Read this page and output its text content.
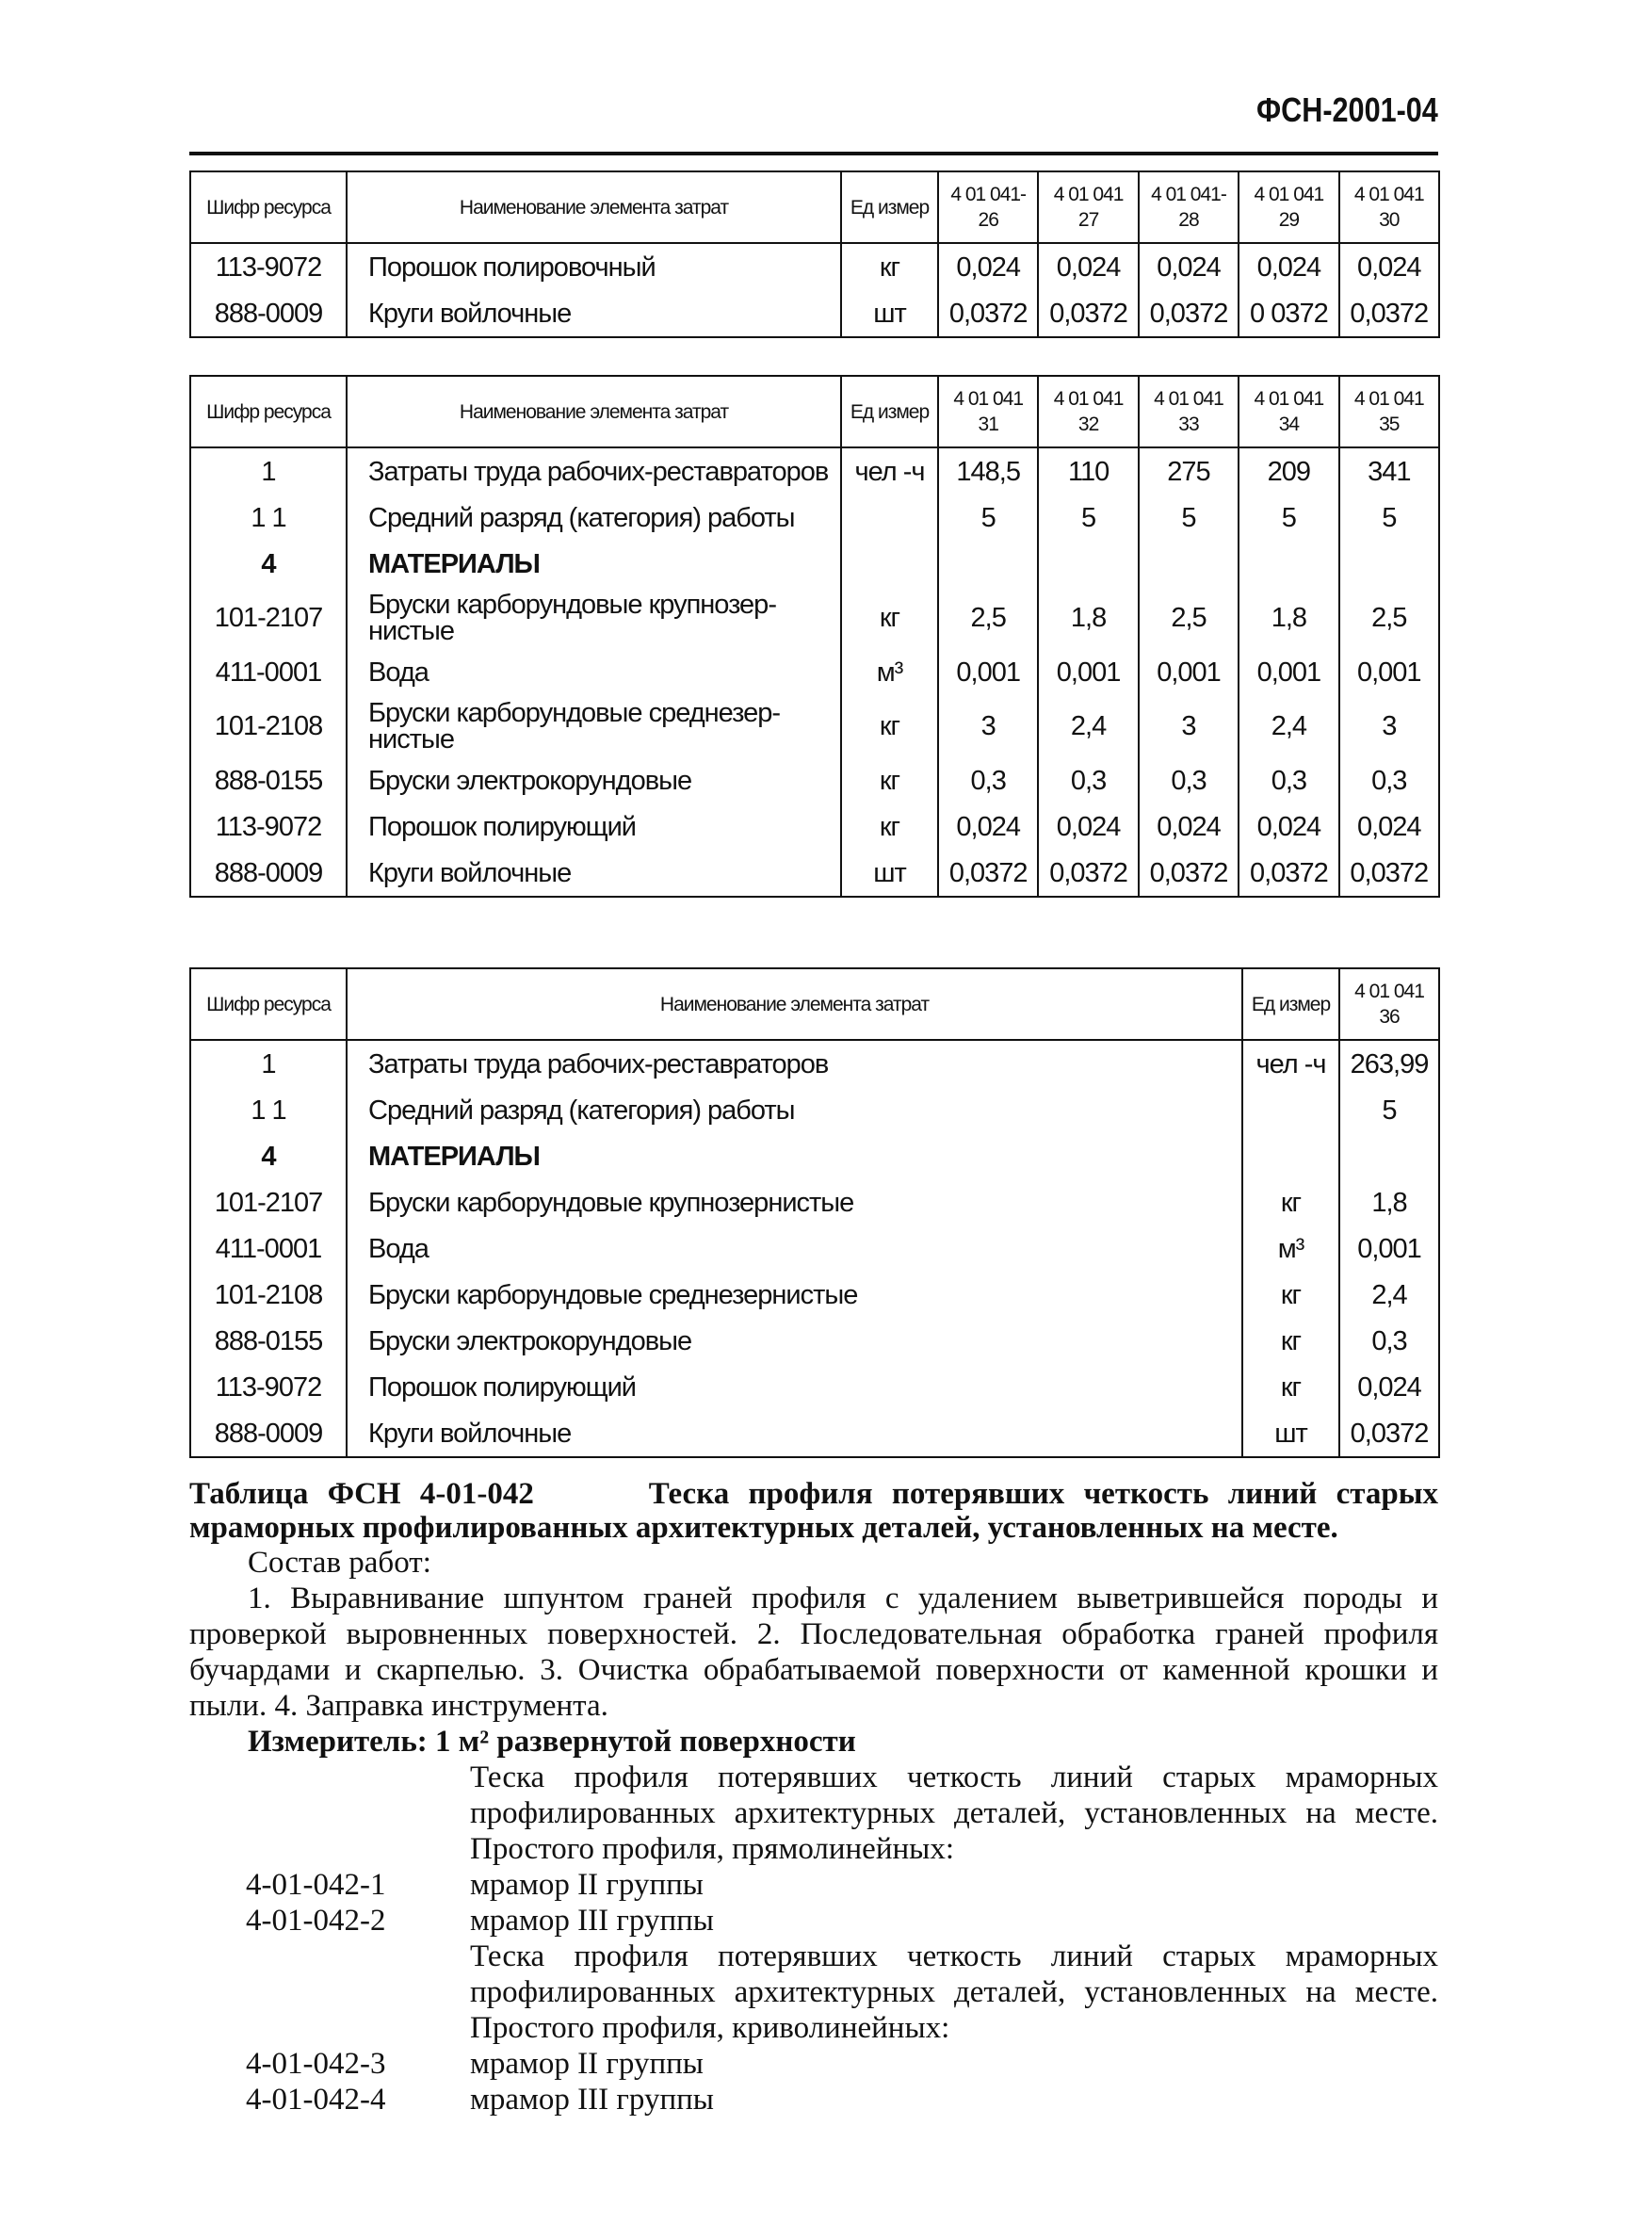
ФСН-2001-04
Шифр ресурса	Наименование элемента затрат	Ед измер	4 01 041-26	4 01 041 27	4 01 041-28	4 01 041 29	4 01 041 30
113-9072	Порошок полировочный	кг	0,024	0,024	0,024	0,024	0,024
888-0009	Круги войлочные	шт	0,0372	0,0372	0,0372	0 0372	0,0372
Шифр ресурса	Наименование элемента затрат	Ед измер	4 01 041 31	4 01 041 32	4 01 041 33	4 01 041 34	4 01 041 35
1	Затраты труда рабочих-реставраторов	чел -ч	148,5	110	275	209	341
1 1	Средний разряд (категория) работы		5	5	5	5	5
4	МАТЕРИАЛЫ						
101-2107	Бруски карборундовые крупнозер-нистые	кг	2,5	1,8	2,5	1,8	2,5
411-0001	Вода	м³	0,001	0,001	0,001	0,001	0,001
101-2108	Бруски карборундовые среднезер-нистые	кг	3	2,4	3	2,4	3
888-0155	Бруски электрокорундовые	кг	0,3	0,3	0,3	0,3	0,3
113-9072	Порошок полирующий	кг	0,024	0,024	0,024	0,024	0,024
888-0009	Круги войлочные	шт	0,0372	0,0372	0,0372	0,0372	0,0372
Шифр ресурса	Наименование элемента затрат	Ед измер	4 01 041 36
1	Затраты труда рабочих-реставраторов	чел -ч	263,99
1 1	Средний разряд (категория) работы		5
4	МАТЕРИАЛЫ		
101-2107	Бруски карборундовые крупнозернистые	кг	1,8
411-0001	Вода	м³	0,001
101-2108	Бруски карборундовые среднезернистые	кг	2,4
888-0155	Бруски электрокорундовые	кг	0,3
113-9072	Порошок полирующий	кг	0,024
888-0009	Круги войлочные	шт	0,0372
Таблица ФСН 4-01-042      Теска профиля потерявших четкость линий старых мраморных профилированных архитектурных деталей, установленных на месте.
Состав работ:
1. Выравнивание шпунтом граней профиля с удалением выветрившейся породы и проверкой выровненных поверхностей. 2. Последовательная обработка граней профиля бучардами и скарпелью. 3. Очистка обрабатываемой поверхности от каменной крошки и пыли. 4. Заправка инструмента.
Измеритель: 1 м² развернутой поверхности

Теска профиля потерявших четкость линий старых мраморных профилированных архитектурных деталей, установленных на месте. Простого профиля, прямолинейных:

4-01-042-1	мрамор II группы
4-01-042-2	мрамор III группы

Теска профиля потерявших четкость линий старых мраморных профилированных архитектурных деталей, установленных на месте. Простого профиля, криволинейных:

4-01-042-3	мрамор II группы
4-01-042-4	мрамор III группы
